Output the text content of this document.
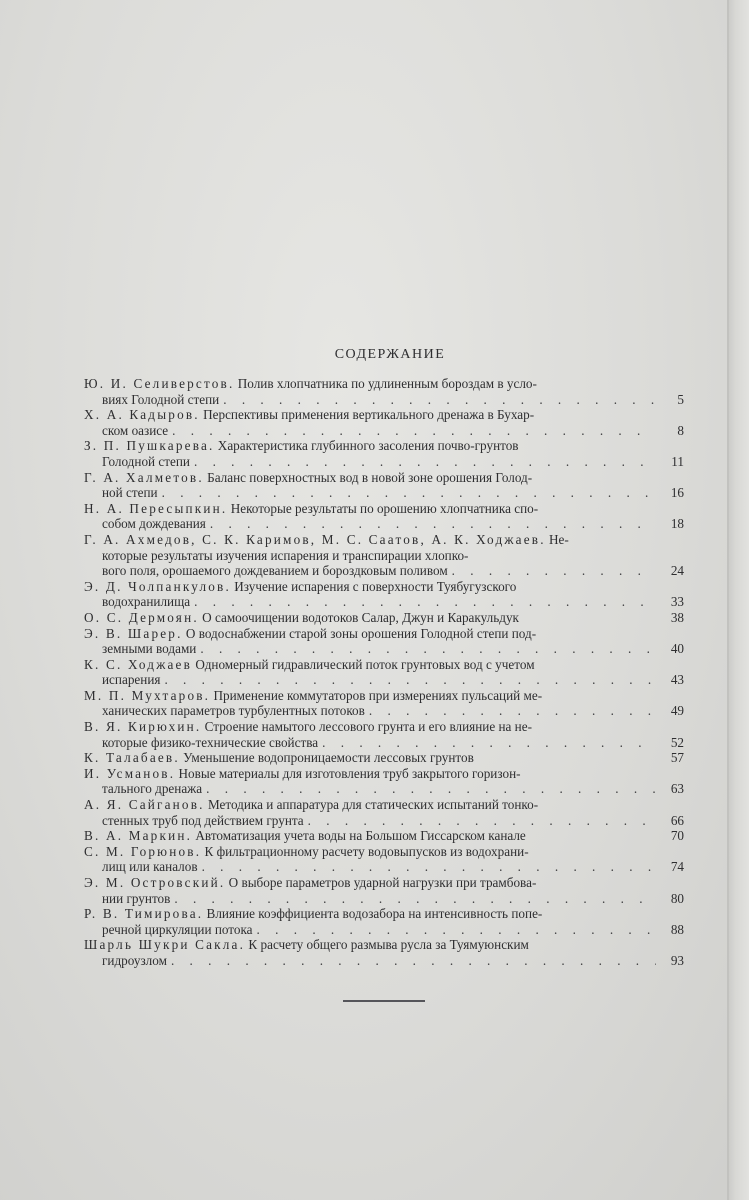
СОДЕРЖАНИЕ
Ю. И. Селиверстов. Полив хлопчатника по удлиненным бороздам в усло-
виях Голодной степи . . .	5
Х. А. Кадыров. Перспективы применения вертикального дренажа в Бухар-
ском оазисе . . .	8
З. П. Пушкарева. Характеристика глубинного засоления почво-грунтов
Голодной степи . . .	11
Г. А. Халметов. Баланс поверхностных вод в новой зоне орошения Голод-
ной степи . . .	16
Н. А. Пересыпкин. Некоторые результаты по орошению хлопчатника спо-
собом дождевания . . .	18
Г. А. Ахмедов, С. К. Каримов, М. С. Саатов, А. К. Ходжаев. Не-
которые результаты изучения испарения и транспирации хлопко-
вого поля, орошаемого дождеванием и бороздковым поливом . . .	24
Э. Д. Чолпанкулов. Изучение испарения с поверхности Туябугузского
водохранилища . . .	33
О. С. Дермоян. О самоочищении водотоков Салар, Джун и Каракульдук	38
Э. В. Шарер. О водоснабжении старой зоны орошения Голодной степи под-
земными водами . . .	40
К. С. Ходжаев Одномерный гидравлический поток грунтовых вод с учетом
испарения . . .	43
М. П. Мухтаров. Применение коммутаторов при измерениях пульсаций ме-
ханических параметров турбулентных потоков . . .	49
В. Я. Кирюхин. Строение намытого лессового грунта и его влияние на не-
которые физико-технические свойства . . .	52
К. Талабаев. Уменьшение водопроницаемости лессовых грунтов	57
И. Усманов. Новые материалы для изготовления труб закрытого горизон-
тального дренажа . . .	63
А. Я. Сайганов. Методика и аппаратура для статических испытаний тонко-
стенных труб под действием грунта . . .	66
В. А. Маркин. Автоматизация учета воды на Большом Гиссарском канале	70
С. М. Горюнов. К фильтрационному расчету водовыпусков из водохрани-
лищ или каналов . . .	74
Э. М. Островский. О выборе параметров ударной нагрузки при трамбова-
нии грунтов . . .	80
Р. В. Тимирова. Влияние коэффициента водозабора на интенсивность попе-
речной циркуляции потока . . .	88
Шарль Шукри Сакла. К расчету общего размыва русла за Туямуюнским
гидроузлом . . .	93
